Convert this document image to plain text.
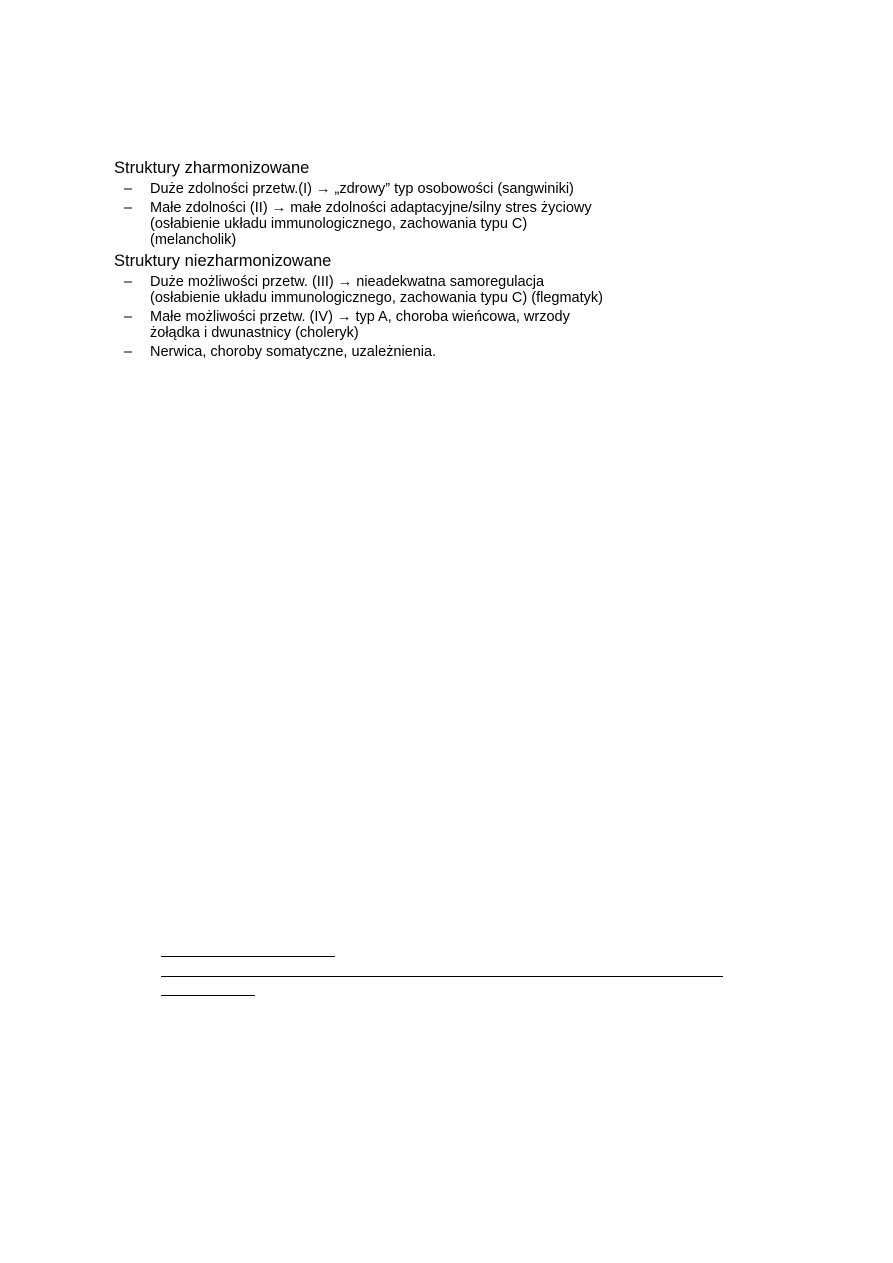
Struktury zharmonizowane
– Duże zdolności przetw.(I) → „zdrowy” typ osobowości (sangwiniki)
– Małe zdolności (II) → małe zdolności adaptacyjne/silny stres życiowy
(osłabienie układu immunologicznego, zachowania typu C)
(melancholik)
Struktury niezharmonizowane
– Duże możliwości przetw. (III) → nieadekwatna samoregulacja
(osłabienie układu immunologicznego, zachowania typu C) (flegmatyk)
– Małe możliwości przetw. (IV) → typ A, choroba wieńcowa, wrzody
żołądka i dwunastnicy (choleryk)
– Nerwica, choroby somatyczne, uzależnienia.
